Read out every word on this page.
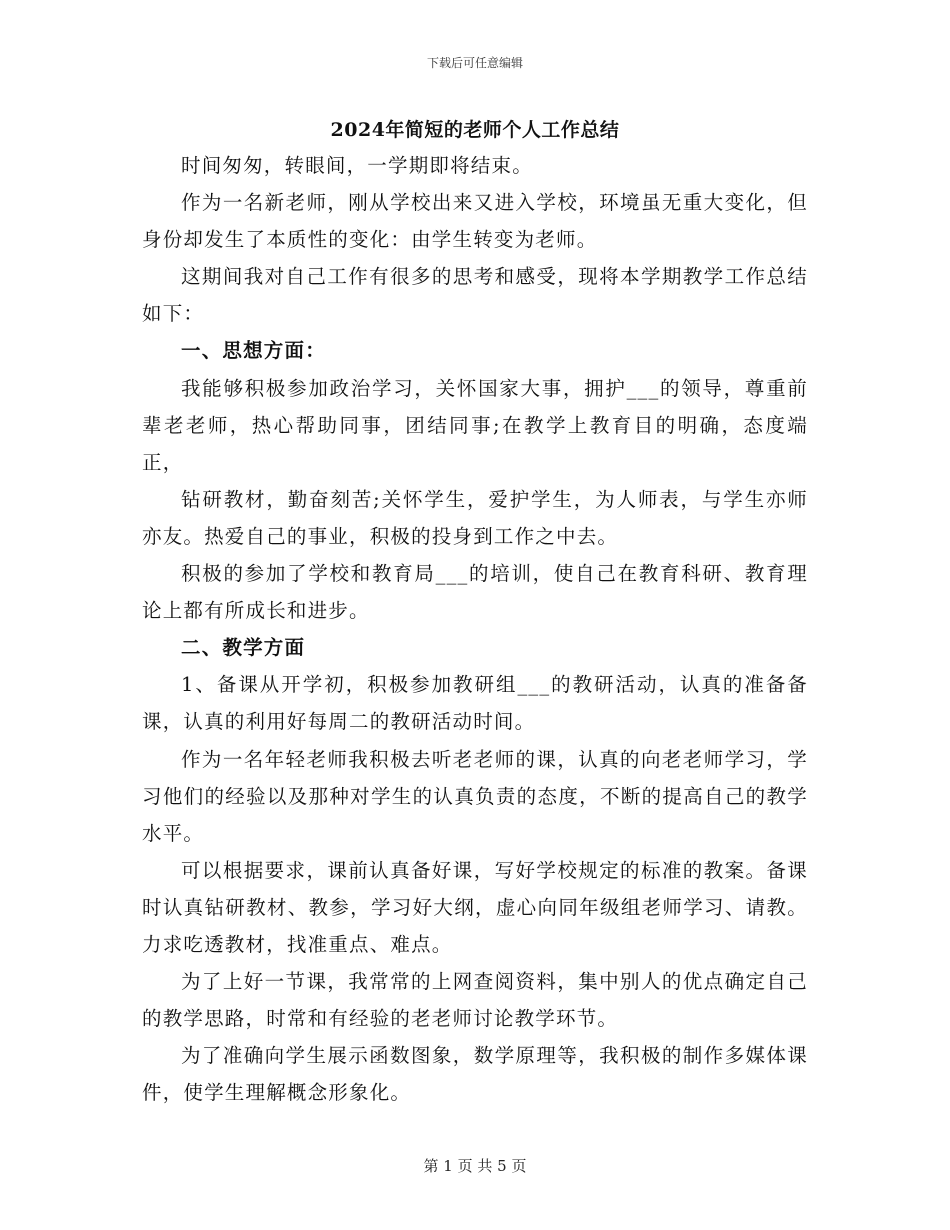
下载后可任意编辑
2024年简短的老师个人工作总结

时间匆匆，转眼间，一学期即将结束。

作为一名新老师，刚从学校出来又进入学校，环境虽无重大变化，但身份却发生了本质性的变化：由学生转变为老师。

这期间我对自己工作有很多的思考和感受，现将本学期教学工作总结如下：

一、思想方面：

我能够积极参加政治学习，关怀国家大事，拥护___的领导，尊重前辈老老师，热心帮助同事，团结同事;在教学上教育目的明确，态度端正，

钻研教材，勤奋刻苦;关怀学生，爱护学生，为人师表，与学生亦师亦友。热爱自己的事业，积极的投身到工作之中去。

积极的参加了学校和教育局___的培训，使自己在教育科研、教育理论上都有所成长和进步。

二、教学方面

1、备课从开学初，积极参加教研组___的教研活动，认真的准备备课，认真的利用好每周二的教研活动时间。

作为一名年轻老师我积极去听老老师的课，认真的向老老师学习，学习他们的经验以及那种对学生的认真负责的态度，不断的提高自己的教学水平。

可以根据要求，课前认真备好课，写好学校规定的标准的教案。备课时认真钻研教材、教参，学习好大纲，虚心向同年级组老师学习、请教。力求吃透教材，找准重点、难点。

为了上好一节课，我常常的上网查阅资料，集中别人的优点确定自己的教学思路，时常和有经验的老老师讨论教学环节。

为了准确向学生展示函数图象，数学原理等，我积极的制作多媒体课件，使学生理解概念形象化。

第 1 页 共 5 页
